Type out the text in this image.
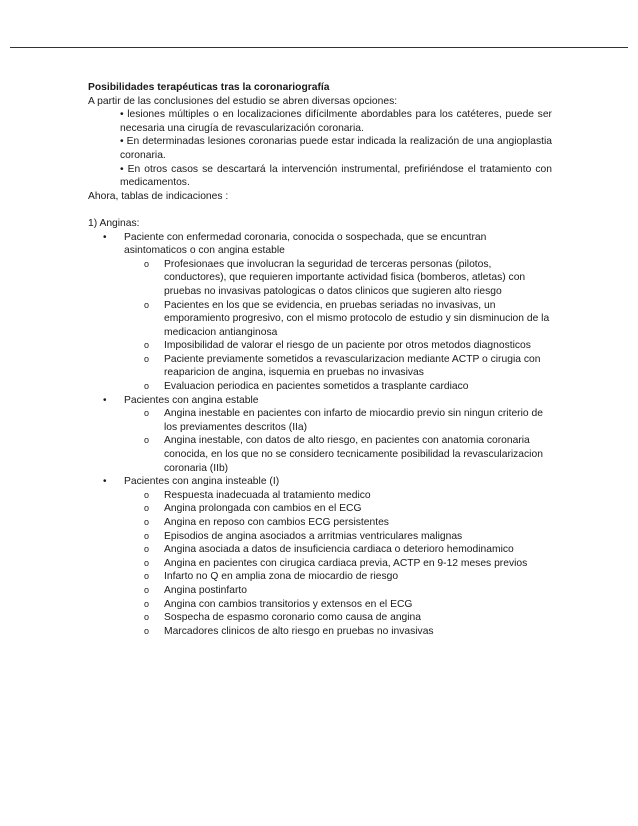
Posibilidades terapéuticas tras la coronariografía

A partir de las conclusiones del estudio se abren diversas opciones:

• lesiones múltiples o en localizaciones difícilmente abordables para los catéteres, puede ser necesaria una cirugía de revascularización coronaria.

• En determinadas lesiones coronarias puede estar indicada la realización de una angioplastia coronaria.

• En otros casos se descartará la intervención instrumental, prefiriéndose el tratamiento con medicamentos.

Ahora, tablas de indicaciones :

1) Anginas:

• Paciente con enfermedad coronaria, conocida o sospechada, que se encuntran asintomaticos o con angina estable
o Profesionaes que involucran la seguridad de terceras personas (pilotos, conductores), que requieren importante actividad fisica (bomberos, atletas) con pruebas no invasivas patologicas o datos clinicos que sugieren alto riesgo
o Pacientes en los que se evidencia, en pruebas seriadas no invasivas, un emporamiento progresivo, con el mismo protocolo de estudio y sin disminucion de la medicacion antianginosa
o Imposibilidad de valorar el riesgo de un paciente por otros metodos diagnosticos
o Paciente previamente sometidos a revascularizacion mediante ACTP o cirugia con reaparicion de angina, isquemia en pruebas no invasivas
o Evaluacion periodica en pacientes sometidos a trasplante cardiaco
• Pacientes con angina estable
o Angina inestable en pacientes con infarto de miocardio previo sin ningun criterio de los previamentes descritos (IIa)
o Angina inestable, con datos de alto riesgo, en pacientes con anatomia coronaria conocida, en los que no se considero tecnicamente posibilidad la revascularizacion coronaria (IIb)
• Pacientes con angina insteable (I)
o Respuesta inadecuada al tratamiento medico
o Angina prolongada con cambios en el ECG
o Angina en reposo con cambios ECG persistentes
o Episodios de angina asociados a arritmias ventriculares malignas
o Angina asociada a datos de insuficiencia cardiaca o deterioro hemodinamico
o Angina en pacientes con cirugica cardiaca previa, ACTP en 9-12 meses previos
o Infarto no Q en amplia zona de miocardio de riesgo
o Angina postinfarto
o Angina con cambios transitorios y extensos en el ECG
o Sospecha de espasmo coronario como causa de angina
o Marcadores clinicos de alto riesgo en pruebas no invasivas
